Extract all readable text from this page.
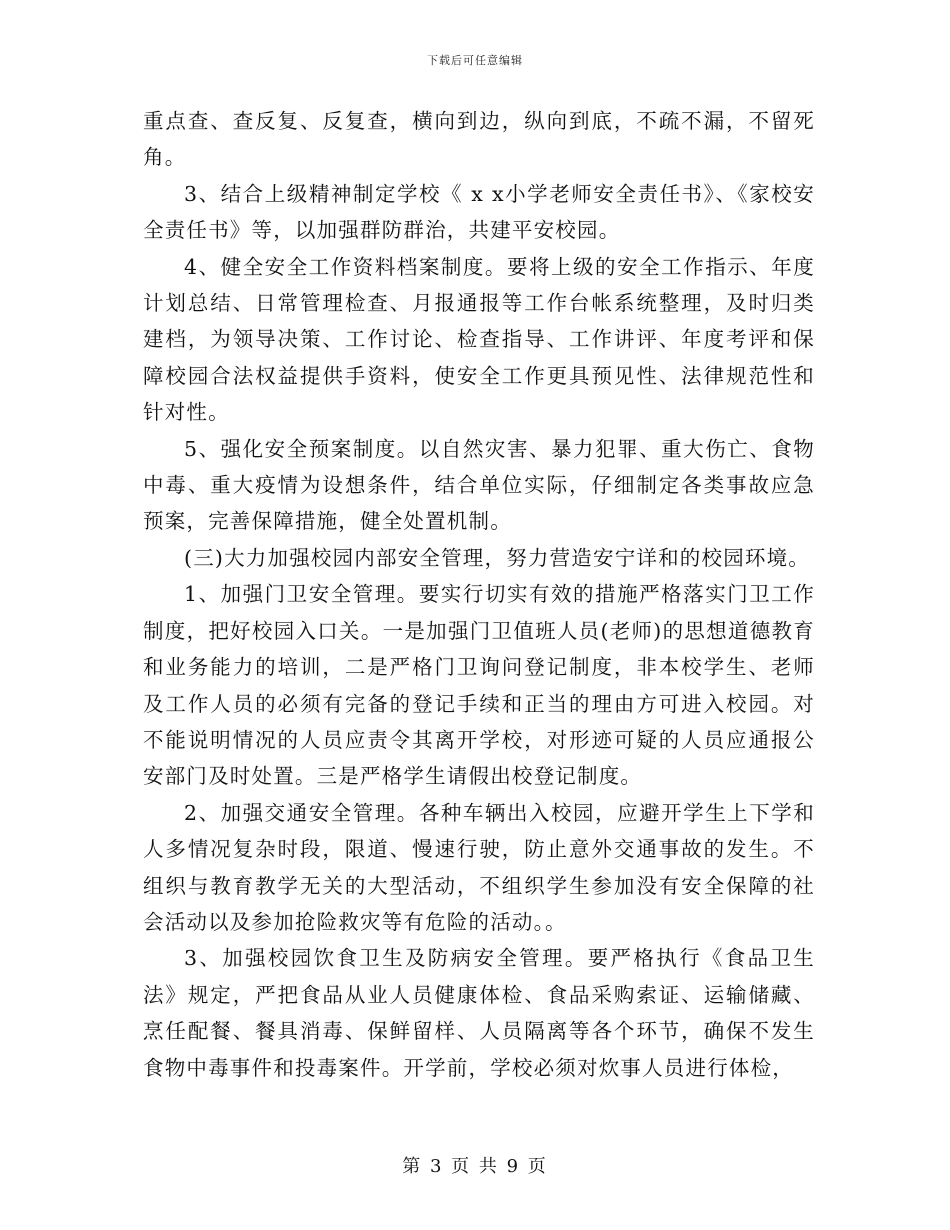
下载后可任意编辑

重点查、查反复、反复查，横向到边，纵向到底，不疏不漏，不留死角。

3、结合上级精神制定学校《 x x小学老师安全责任书》、《家校安全责任书》等，以加强群防群治，共建平安校园。

4、健全安全工作资料档案制度。要将上级的安全工作指示、年度计划总结、日常管理检查、月报通报等工作台帐系统整理，及时归类建档，为领导决策、工作讨论、检查指导、工作讲评、年度考评和保障校园合法权益提供手资料，使安全工作更具预见性、法律规范性和针对性。

5、强化安全预案制度。以自然灾害、暴力犯罪、重大伤亡、食物中毒、重大疫情为设想条件，结合单位实际，仔细制定各类事故应急预案，完善保障措施，健全处置机制。

(三)大力加强校园内部安全管理，努力营造安宁详和的校园环境。

1、加强门卫安全管理。要实行切实有效的措施严格落实门卫工作制度，把好校园入口关。一是加强门卫值班人员(老师)的思想道德教育和业务能力的培训，二是严格门卫询问登记制度，非本校学生、老师及工作人员的必须有完备的登记手续和正当的理由方可进入校园。对不能说明情况的人员应责令其离开学校，对形迹可疑的人员应通报公安部门及时处置。三是严格学生请假出校登记制度。

2、加强交通安全管理。各种车辆出入校园，应避开学生上下学和人多情况复杂时段，限道、慢速行驶，防止意外交通事故的发生。不组织与教育教学无关的大型活动，不组织学生参加没有安全保障的社会活动以及参加抢险救灾等有危险的活动。。

3、加强校园饮食卫生及防病安全管理。要严格执行《食品卫生法》规定，严把食品从业人员健康体检、食品采购索证、运输储藏、烹任配餐、餐具消毒、保鲜留样、人员隔离等各个环节，确保不发生食物中毒事件和投毒案件。开学前，学校必须对炊事人员进行体检，

第 3 页 共 9 页
